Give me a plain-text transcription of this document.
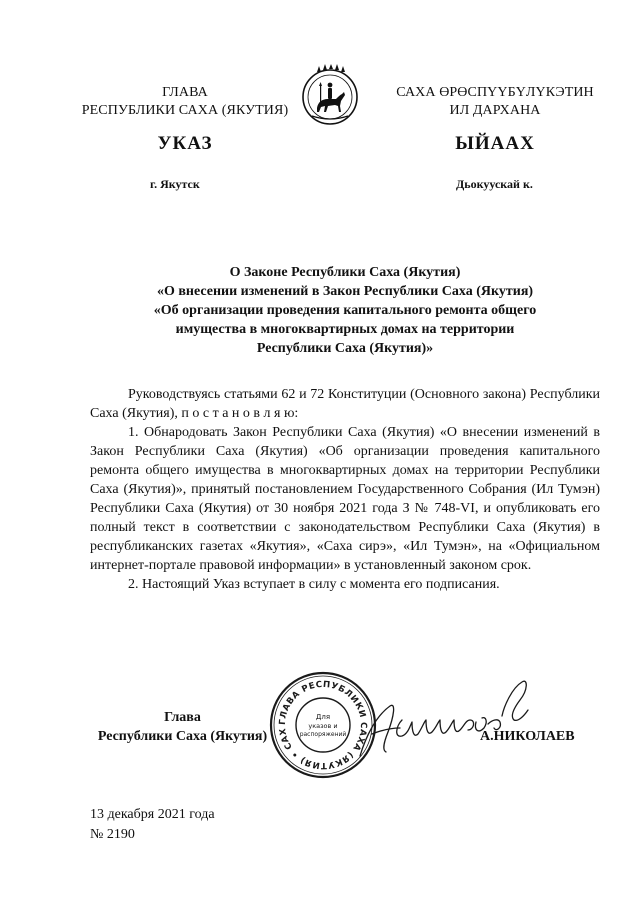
ГЛАВА
РЕСПУБЛИКИ САХА (ЯКУТИЯ)
САХА ӨРӨСПҮҮБҮЛҮКЭТИН
ИЛ ДАРХАНА
УКАЗ	ЫЙААХ
г. Якутск	Дьокуускай к.
О Законе Республики Саха (Якутия)
«О внесении изменений в Закон Республики Саха (Якутия)
«Об организации проведения капитального ремонта общего
имущества в многоквартирных домах на территории
Республики Саха (Якутия)»

Руководствуясь статьями 62 и 72 Конституции (Основного закона) Республики Саха (Якутия), п о с т а н о в л я ю:

1. Обнародовать Закон Республики Саха (Якутия) «О внесении изменений в Закон Республики Саха (Якутия) «Об организации проведения капитального ремонта общего имущества в многоквартирных домах на территории Республики Саха (Якутия)», принятый постановлением Государственного Собрания (Ил Тумэн) Республики Саха (Якутия) от 30 ноября 2021 года З № 748-VI, и опубликовать его полный текст в соответствии с законодательством Республики Саха (Якутия) в республиканских газетах «Якутия», «Саха сирэ», «Ил Тумэн», на «Официальном интернет-портале правовой информации» в установленный законом срок.

2. Настоящий Указ вступает в силу с момента его подписания.

Глава
Республики Саха (Якутия)
ГЛАВА РЕСПУБЛИКИ САХА (ЯКУТИЯ) • САХ
Для
указов и
распоряжений	А.НИКОЛАЕВ
13 декабря 2021 года
№ 2190
